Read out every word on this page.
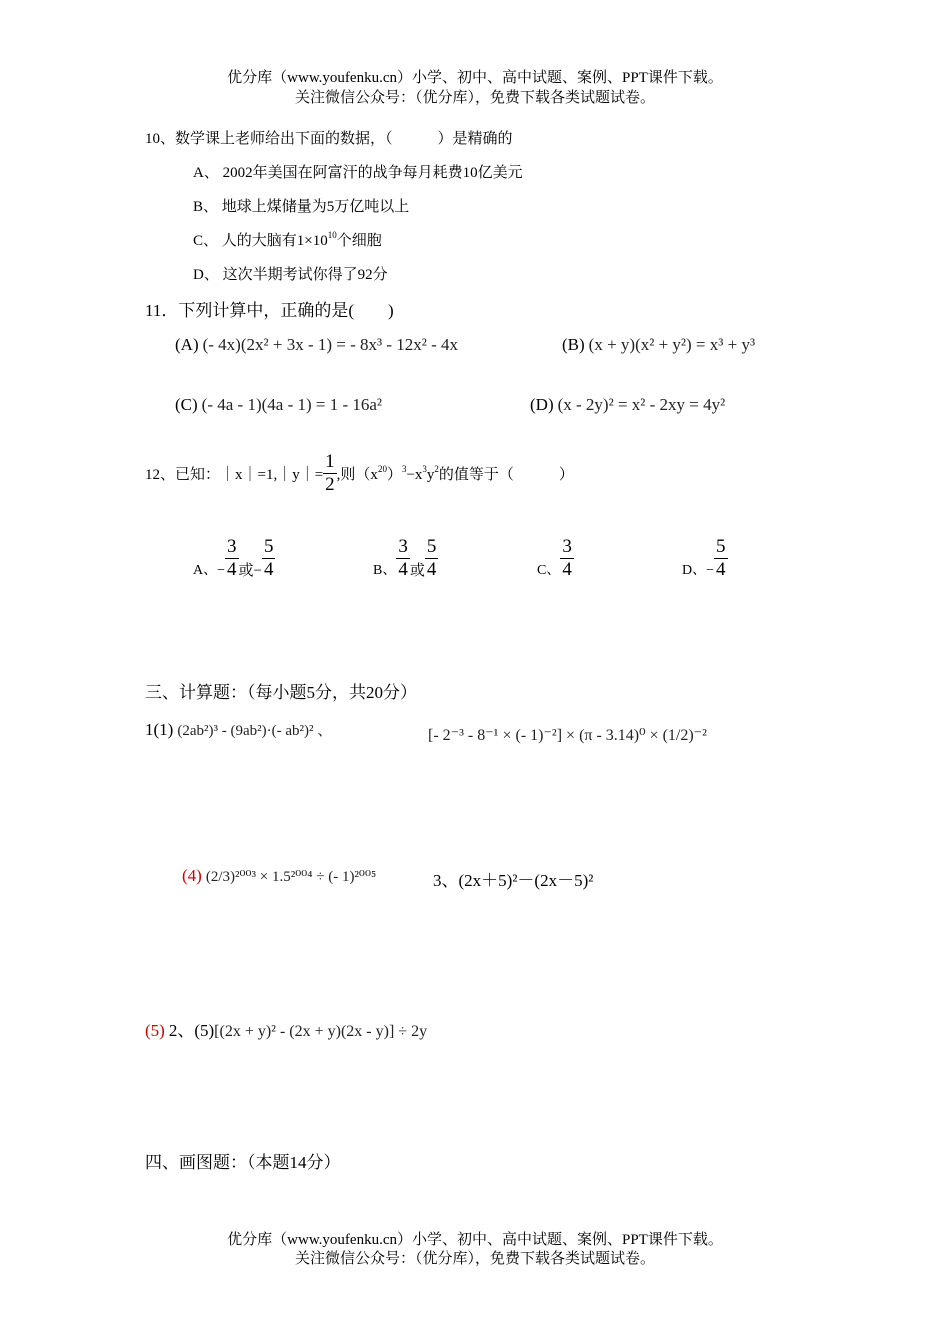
优分库（www.youfenku.cn）小学、初中、高中试题、案例、PPT课件下载。
关注微信公众号：（优分库），免费下载各类试题试卷。
10、数学课上老师给出下面的数据，（　　　）是精确的
A、 2002年美国在阿富汗的战争每月耗费10亿美元
B、 地球上煤储量为5万亿吨以上
C、 人的大脑有$1\times 10^{10}$个细胞
D、 这次半期考试你得了92分
11．下列计算中，正确的是(　　)
(A) (- 4x)(2x² + 3x - 1) = - 8x³ - 12x² - 4x	(B) (x + y)(x² + y²) = x³ + y³
(C) (- 4a - 1)(4a - 1) = 1 - 16a²	(D) (x - 2y)² = x² - 2xy = 4y²
12、已知：｜x｜=1,｜y｜= $\frac{1}{2}$ ,则$(x^{20})^3-x^3y^2$的值等于（　　　）
A、− $\frac{3}{4}$ 或− $\frac{5}{4}$	B、 $\frac{3}{4}$ 或 $\frac{5}{4}$	C、 $\frac{3}{4}$	D、− $\frac{5}{4}$
三、计算题：（每小题5分，共20分）
1(1) (2ab²)³ - (9ab²)·(- ab²)² 、	[- 2⁻³ - 8⁻¹ × (- 1)⁻²] × (π - 3.14)⁰ × (1/2)⁻²
(4) (2/3)²⁰⁰³ × 1.5²⁰⁰⁴ ÷ (- 1)²⁰⁰⁵	3、(2x＋5)²－(2x－5)²
(5) 2、(5)[(2x + y)² - (2x + y)(2x - y)] ÷ 2y
四、画图题：（本题14分）
优分库（www.youfenku.cn）小学、初中、高中试题、案例、PPT课件下载。
关注微信公众号：（优分库），免费下载各类试题试卷。
